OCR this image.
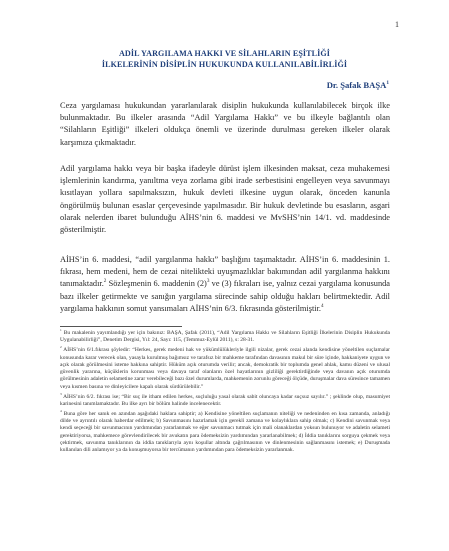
1
ADİL YARGILAMA HAKKI VE SİLAHLARIN EŞİTLİĞİ
İLKELERİNİN DİSİPLİN HUKUKUNDA KULLANILABİLİRLİĞİ
Dr. Şafak BAŞA$^1$
Ceza yargılaması hukukundan yararlanılarak disiplin hukukunda kullanılabilecek birçok ilke bulunmaktadır. Bu ilkeler arasında “Adil Yargılama Hakkı” ve bu ilkeyle bağlantılı olan “Silahların Eşitliği” ilkeleri oldukça önemli ve üzerinde durulması gereken ilkeler olarak karşımıza çıkmaktadır.
Adil yargılama hakkı veya bir başka ifadeyle dürüst işlem ilkesinden maksat, ceza muhakemesi işlemlerinin kandırma, yanıltma veya zorlama gibi irade serbestisini engelleyen veya savunmayı kısıtlayan yollara sapılmaksızın, hukuk devleti ilkesine uygun olarak, önceden kanunla öngörülmüş bulunan esaslar çerçevesinde yapılmasıdır. Bir hukuk devletinde bu esasların, asgari olarak nelerden ibaret bulunduğu AİHS’nin 6. maddesi ve MvSHS’nin 14/1. vd. maddesinde gösterilmiştir.
AİHS’in 6. maddesi, “adil yargılanma hakkı” başlığını taşımaktadır. AİHS’in 6. maddesinin 1. fıkrası, hem medeni, hem de cezai nitelikteki uyuşmazlıklar bakımından adil yargılanma hakkını tanımaktadır.$^2$ Sözleşmenin 6. maddenin $(2)^3$ ve (3) fıkraları ise, yalnız cezai yargılama konusunda bazı ilkeler getirmekte ve sanığın yargılama sürecinde sahip olduğu hakları belirtmektedir. Adil yargılama hakkının somut yansımaları AİHS’nin 6/3. fıkrasında gösterilmiştir.$^4$

$^1$ Bu makalenin yayımlandığı yer için bakınız: BAŞA, Şafak (2011), “Adil Yargılama Hakkı ve Silahların Eşitliği İlkelerinin Disiplin Hukukunda Uygulanabilirliği”, Denetim Dergisi, Yıl: 24, Sayı: 115, (Temmuz-Eylül 2011), s: 28-31.

$^2$ AİHS’nin 6/1.fıkrası şöyledir: “Herkes, gerek medeni hak ve yükümlülükleriyle ilgili nizalar, gerek cezai alanda kendisine yöneltilen suçlamalar konusunda karar verecek olan, yasayla kurulmuş bağımsız ve tarafsız bir mahkeme tarafından davasının makul bir süre içinde, hakkaniyete uygun ve açık olarak görülmesini isteme hakkına sahiptir. Hüküm açık oturumda verilir; ancak, demokratik bir toplumda genel ahlak, kamu düzeni ve ulusal güvenlik yararına, küçüklerin korunması veya davaya taraf olanların özel hayatlarının gizliliği gerektirdiğinde veya davanın açık oturumda görülmesinin adaletin selametine zarar verebileceği bazı özel durumlarda, mahkemenin zorunlu göreceği ölçüde, duruşmalar dava süresince tamamen veya kısmen basına ve dinleyicilere kapalı olarak sürdürülebilir.”

$^3$ AİHS’nin 6/2. fıkrası ise; “Bir suç ile itham edilen herkes, suçluluğu yasal olarak sabit oluncaya kadar suçsuz sayılır.” ; şeklinde olup, masumiyet karinesini tanımlamaktadır. Bu ilke ayrı bir bölüm halinde incelenecektir.

$^4$ Buna göre her sanık en azından aşağıdaki haklara sahiptir; a) Kendisine yöneltilen suçlamanın niteliği ve nedeninden en kısa zamanda, anladığı dilde ve ayrıntılı olarak haberdar edilmek; b) Savunmasını hazırlamak için gerekli zamana ve kolaylıklara sahip olmak; c) Kendini savunmak veya kendi seçeceği bir savunmacının yardımından yararlanmak ve eğer savunmacı tutmak için mali olanaklardan yoksun bulunuyor ve adaletin selameti gerektiriyorsa, mahkemece görevlendirilecek bir avukatın para ödemeksizin yardımından yararlanabilmek; d) İddia tanıklarını sorguya çekmek veya çektirmek, savunma tanıklarının da iddia tanıklarıyla aynı koşullar altında çağrılmasının ve dinlenmesinin sağlanmasını istemek; e) Duruşmada kullanılan dili anlamıyor ya da konuşmuyorsa bir tercümanın yardımından para ödemeksizin yararlanmak.
